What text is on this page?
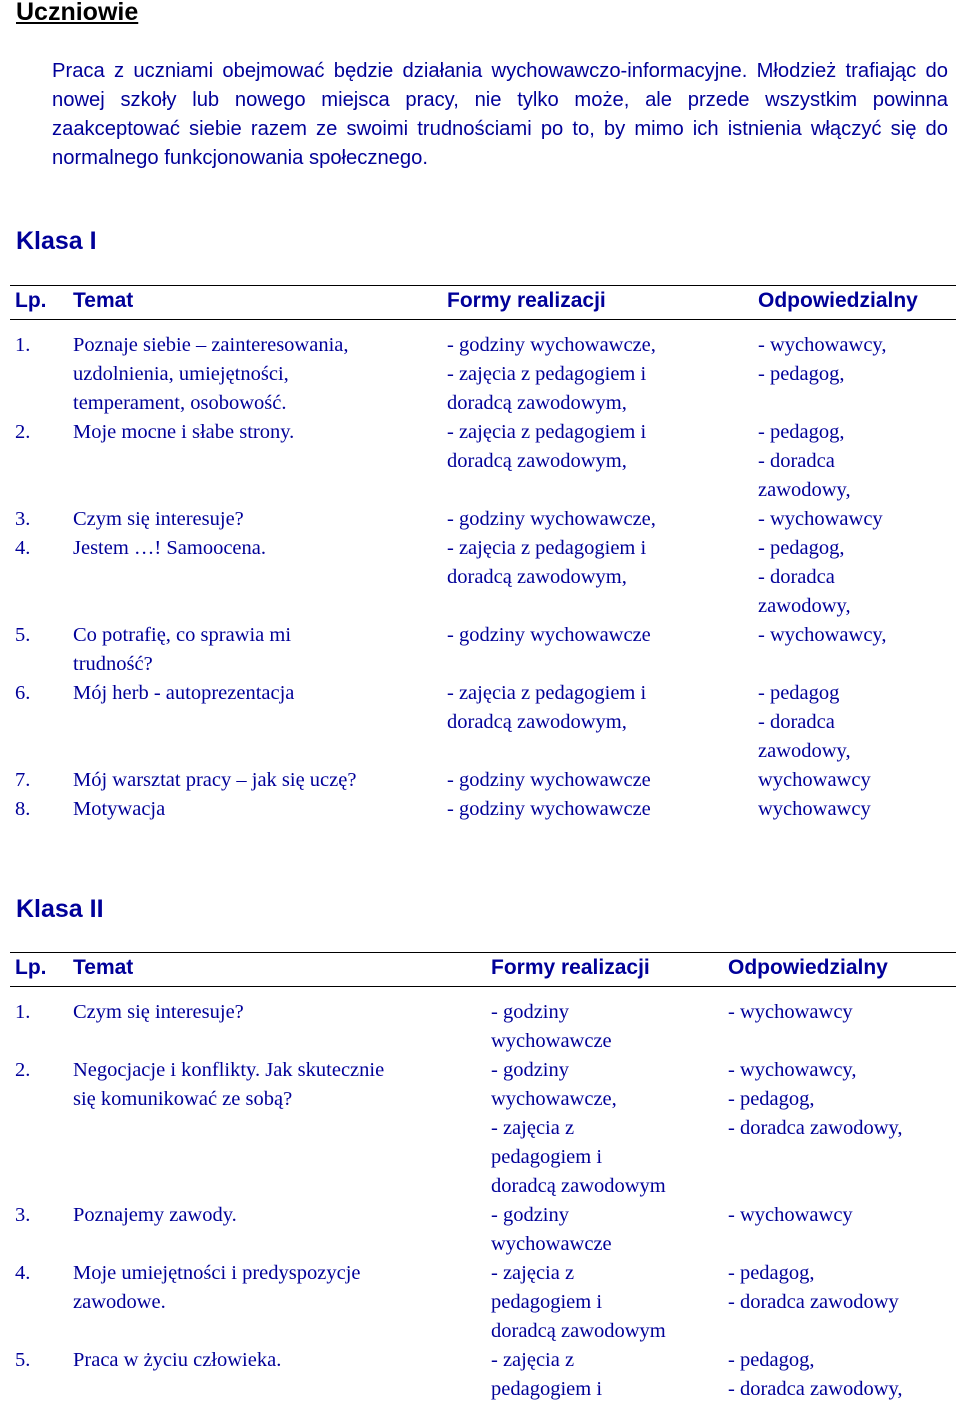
Uczniowie
Praca z uczniami obejmować będzie działania wychowawczo-informacyjne. Młodzież trafiając do nowej szkoły lub nowego miejsca pracy, nie tylko może, ale przede wszystkim powinna zaakceptować siebie razem ze swoimi trudnościami po to, by mimo ich istnienia włączyć się do normalnego funkcjonowania społecznego.
Klasa I
Lp.	Temat	Formy realizacji	Odpowiedzialny

1.	Poznaje siebie – zainteresowania,
uzdolnienia, umiejętności,
temperament, osobowość.	- godziny wychowawcze,
- zajęcia z pedagogiem i
doradcą zawodowym,	- wychowawcy,
- pedagog,

2.	Moje mocne i słabe strony.	- zajęcia z pedagogiem i
doradcą zawodowym,	- pedagog,
- doradca
zawodowy,

3.	Czym się interesuje?	- godziny wychowawcze,	- wychowawcy

4.	Jestem …! Samoocena.	- zajęcia z pedagogiem i
doradcą zawodowym,	- pedagog,
- doradca
zawodowy,

5.	Co potrafię, co sprawia mi
trudność?	- godziny wychowawcze	- wychowawcy,

6.	Mój herb - autoprezentacja	- zajęcia z pedagogiem i
doradcą zawodowym,	- pedagog
- doradca
zawodowy,

7.	Mój warsztat pracy – jak się uczę?	- godziny wychowawcze	wychowawcy

8.	Motywacja	- godziny wychowawcze	wychowawcy
Klasa II
Lp.	Temat	Formy realizacji	Odpowiedzialny

1.	Czym się interesuje?	- godziny
wychowawcze	- wychowawcy

2.	Negocjacje i konflikty. Jak skutecznie
się komunikować ze sobą?	- godziny
wychowawcze,
- zajęcia z
pedagogiem i
doradcą zawodowym	- wychowawcy,
- pedagog,
- doradca zawodowy,

3.	Poznajemy zawody.	- godziny
wychowawcze	- wychowawcy

4.	Moje umiejętności i predyspozycje
zawodowe.	- zajęcia z
pedagogiem i
doradcą zawodowym	- pedagog,
- doradca zawodowy

5.	Praca w życiu człowieka.	- zajęcia z
pedagogiem i	- pedagog,
- doradca zawodowy,
